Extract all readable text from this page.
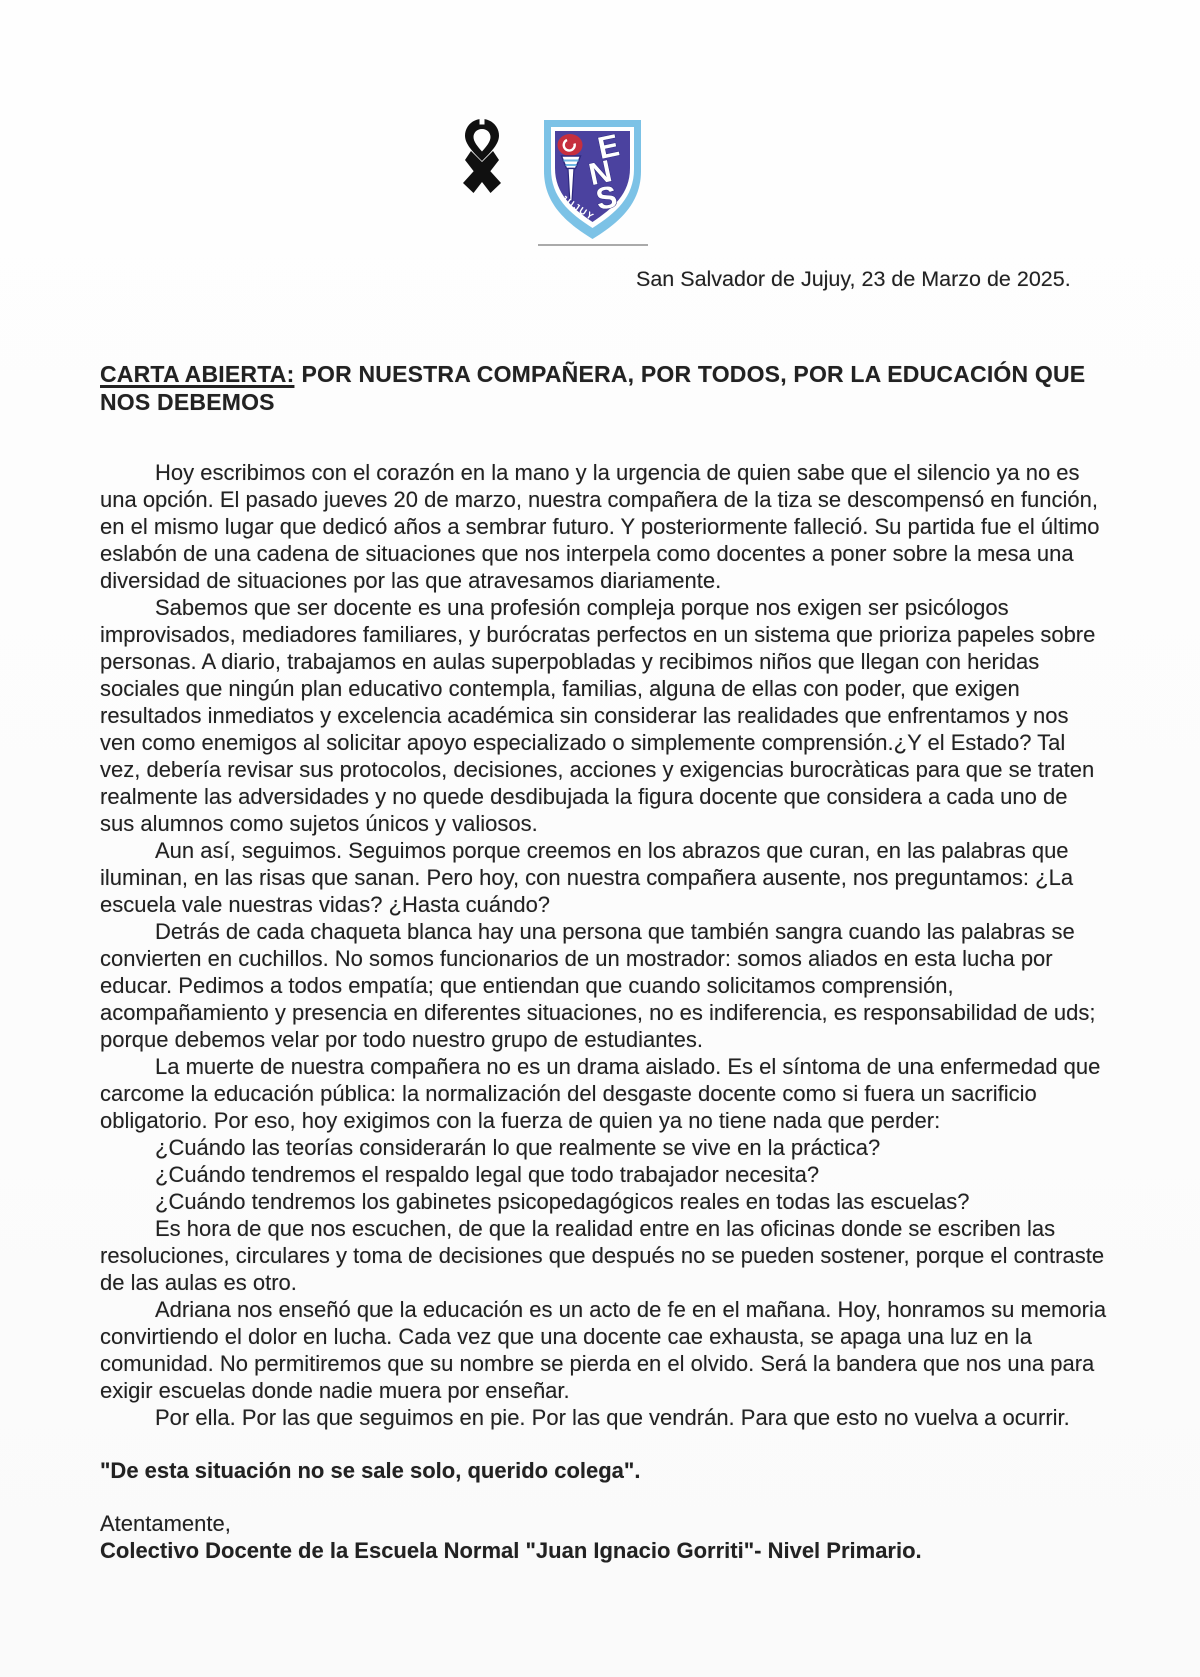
E
N
S
JUJUY
San Salvador de Jujuy, 23 de Marzo de 2025.
CARTA ABIERTA: POR NUESTRA COMPAÑERA, POR TODOS, POR LA EDUCACIÓN QUE
NOS DEBEMOS

Hoy escribimos con el corazón en la mano y la urgencia de quien sabe que el silencio ya no es una opción. El pasado jueves 20 de marzo, nuestra compañera de la tiza se descompensó en función, en el mismo lugar que dedicó años a sembrar futuro. Y posteriormente falleció. Su partida fue el último eslabón de una cadena de situaciones que nos interpela como docentes a poner sobre la mesa una diversidad de situaciones por las que atravesamos diariamente.

Sabemos que ser docente es una profesión compleja porque nos exigen ser psicólogos improvisados, mediadores familiares, y burócratas perfectos en un sistema que prioriza papeles sobre personas. A diario, trabajamos en aulas superpobladas y recibimos niños que llegan con heridas sociales que ningún plan educativo contempla, familias, alguna de ellas con poder, que exigen resultados inmediatos y excelencia académica sin considerar las realidades que enfrentamos y nos ven como enemigos al solicitar apoyo especializado o simplemente comprensión.¿Y el Estado? Tal vez, debería revisar sus protocolos, decisiones, acciones y exigencias burocràticas para que se traten realmente las adversidades y no quede desdibujada la figura docente que considera a cada uno de sus alumnos como sujetos únicos y valiosos.

Aun así, seguimos. Seguimos porque creemos en los abrazos que curan, en las palabras que iluminan, en las risas que sanan. Pero hoy, con nuestra compañera ausente, nos preguntamos: ¿La escuela vale nuestras vidas? ¿Hasta cuándo?

Detrás de cada chaqueta blanca hay una persona que también sangra cuando las palabras se convierten en cuchillos. No somos funcionarios de un mostrador: somos aliados en esta lucha por educar. Pedimos a todos empatía; que entiendan que cuando solicitamos comprensión, acompañamiento y presencia en diferentes situaciones, no es indiferencia, es responsabilidad de uds; porque debemos velar por todo nuestro grupo de estudiantes.

La muerte de nuestra compañera no es un drama aislado. Es el síntoma de una enfermedad que carcome la educación pública: la normalización del desgaste docente como si fuera un sacrificio obligatorio. Por eso, hoy exigimos con la fuerza de quien ya no tiene nada que perder:

¿Cuándo las teorías considerarán lo que realmente se vive en la práctica?

¿Cuándo tendremos el respaldo legal que todo trabajador necesita?

¿Cuándo tendremos los gabinetes psicopedagógicos reales en todas las escuelas?

Es hora de que nos escuchen, de que la realidad entre en las oficinas donde se escriben las resoluciones, circulares y toma de decisiones que después no se pueden sostener, porque el contraste de las aulas es otro.

Adriana nos enseñó que la educación es un acto de fe en el mañana. Hoy, honramos su memoria convirtiendo el dolor en lucha. Cada vez que una docente cae exhausta, se apaga una luz en la comunidad. No permitiremos que su nombre se pierda en el olvido. Será la bandera que nos una para exigir escuelas donde nadie muera por enseñar.

Por ella. Por las que seguimos en pie. Por las que vendrán. Para que esto no vuelva a ocurrir.

"De esta situación no se sale solo, querido colega".

Atentamente,

Colectivo Docente de la Escuela Normal "Juan Ignacio Gorriti"- Nivel Primario.
